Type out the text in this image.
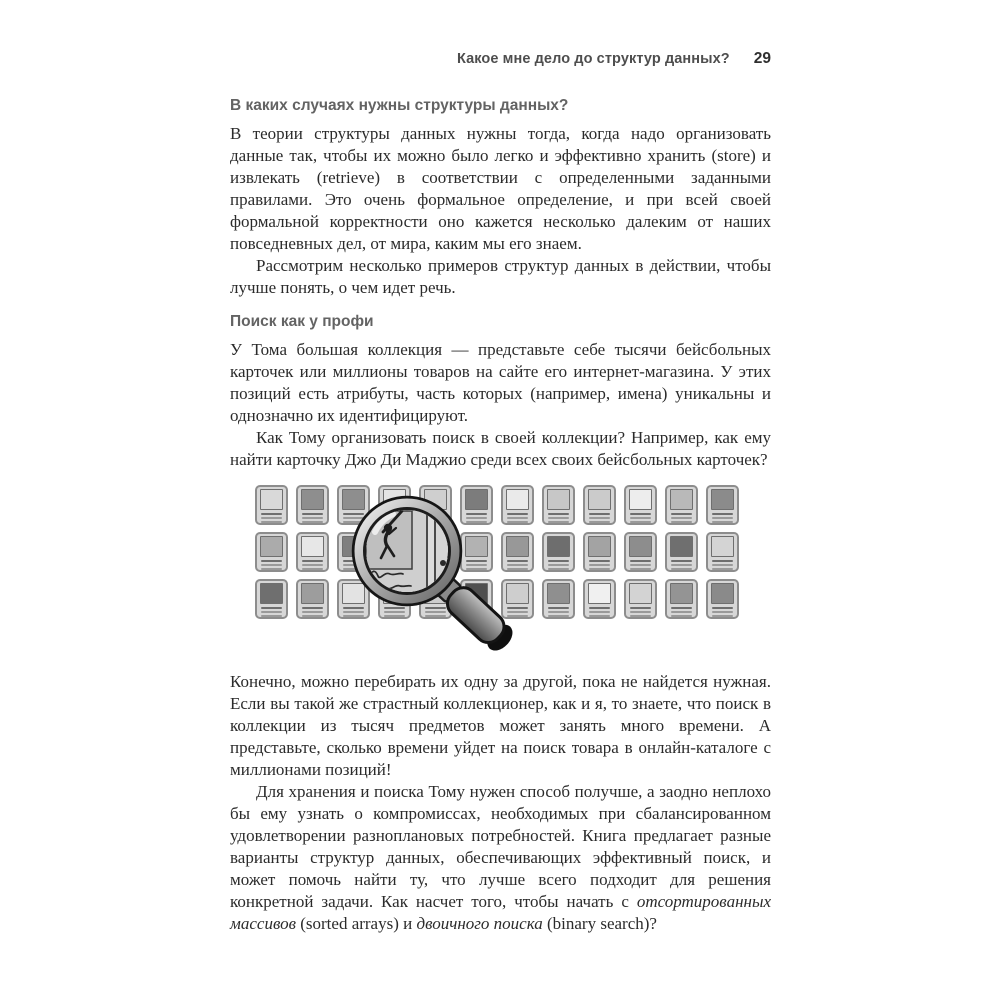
Какое мне дело до структур данных? 29
В каких случаях нужны структуры данных?

В теории структуры данных нужны тогда, когда надо организовать данные так, чтобы их можно было легко и эффективно хранить (store) и извлекать (retrieve) в соответствии с определенными заданными правилами. Это очень формальное определение, и при всей своей формальной корректности оно кажется несколько далеким от наших повседневных дел, от мира, каким мы его знаем.

Рассмотрим несколько примеров структур данных в действии, чтобы лучше понять, о чем идет речь.

Поиск как у профи

У Тома большая коллекция — представьте себе тысячи бейсбольных карточек или миллионы товаров на сайте его интернет-магазина. У этих позиций есть атрибуты, часть которых (например, имена) уникальны и однозначно их идентифицируют.

Как Тому организовать поиск в своей коллекции? Например, как ему найти карточку Джо Ди Маджио среди всех своих бейсбольных карточек?

Конечно, можно перебирать их одну за другой, пока не найдется нужная. Если вы такой же страстный коллекционер, как и я, то знаете, что поиск в коллекции из тысяч предметов может занять много времени. А представьте, сколько времени уйдет на поиск товара в онлайн-каталоге с миллионами позиций!

Для хранения и поиска Тому нужен способ получше, а заодно неплохо бы ему узнать о компромиссах, необходимых при сбалансированном удовлетворении разноплановых потребностей. Книга предлагает разные варианты структур данных, обеспечивающих эффективный поиск, и может помочь найти ту, что лучше всего подходит для решения конкретной задачи. Как насчет того, чтобы начать с отсортированных массивов (sorted arrays) и двоичного поиска (binary search)?
